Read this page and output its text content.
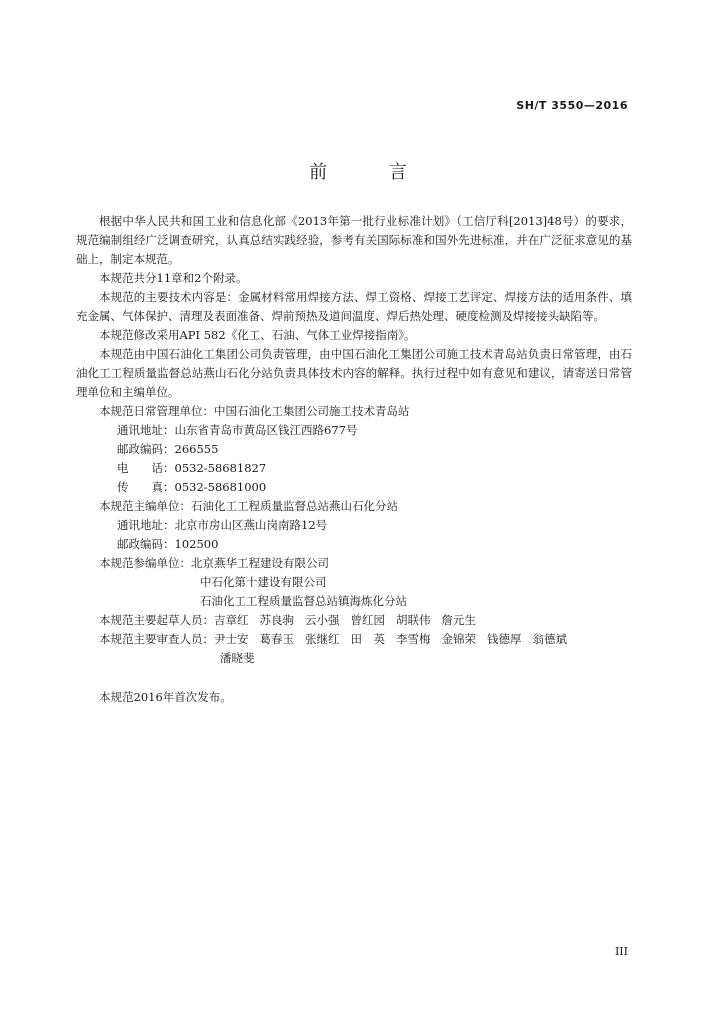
SH/T 3550—2016
前 言

根据中华人民共和国工业和信息化部《2013年第一批行业标准计划》（工信厅科[2013]48号）的要求，规范编制组经广泛调查研究，认真总结实践经验，参考有关国际标准和国外先进标准，并在广泛征求意见的基础上，制定本规范。

本规范共分11章和2个附录。

本规范的主要技术内容是：金属材料常用焊接方法、焊工资格、焊接工艺评定、焊接方法的适用条件、填充金属、气体保护、清理及表面准备、焊前预热及道间温度、焊后热处理、硬度检测及焊接接头缺陷等。

本规范修改采用API 582《化工、石油、气体工业焊接指南》。

本规范由中国石油化工集团公司负责管理，由中国石油化工集团公司施工技术青岛站负责日常管理，由石油化工工程质量监督总站燕山石化分站负责具体技术内容的解释。执行过程中如有意见和建议，请寄送日常管理单位和主编单位。

本规范日常管理单位： 中国石油化工集团公司施工技术青岛站
通讯地址： 山东省青岛市黄岛区钱江西路677号
邮政编码： 266555
电　　话： 0532-58681827
传　　真： 0532-58681000
本规范主编单位： 石油化工工程质量监督总站燕山石化分站
通讯地址： 北京市房山区燕山岗南路12号
邮政编码： 102500
本规范参编单位： 北京燕华工程建设有限公司
中石化第十建设有限公司
石油化工工程质量监督总站镇海炼化分站
本规范主要起草人员： 吉章红 苏良驹 云小强 曾红园 胡联伟 詹元生
本规范主要审查人员： 尹士安 葛春玉 张继红 田　英 李雪梅 金锦荣 钱德厚 翁德斌
潘晓斐

本规范2016年首次发布。

III
